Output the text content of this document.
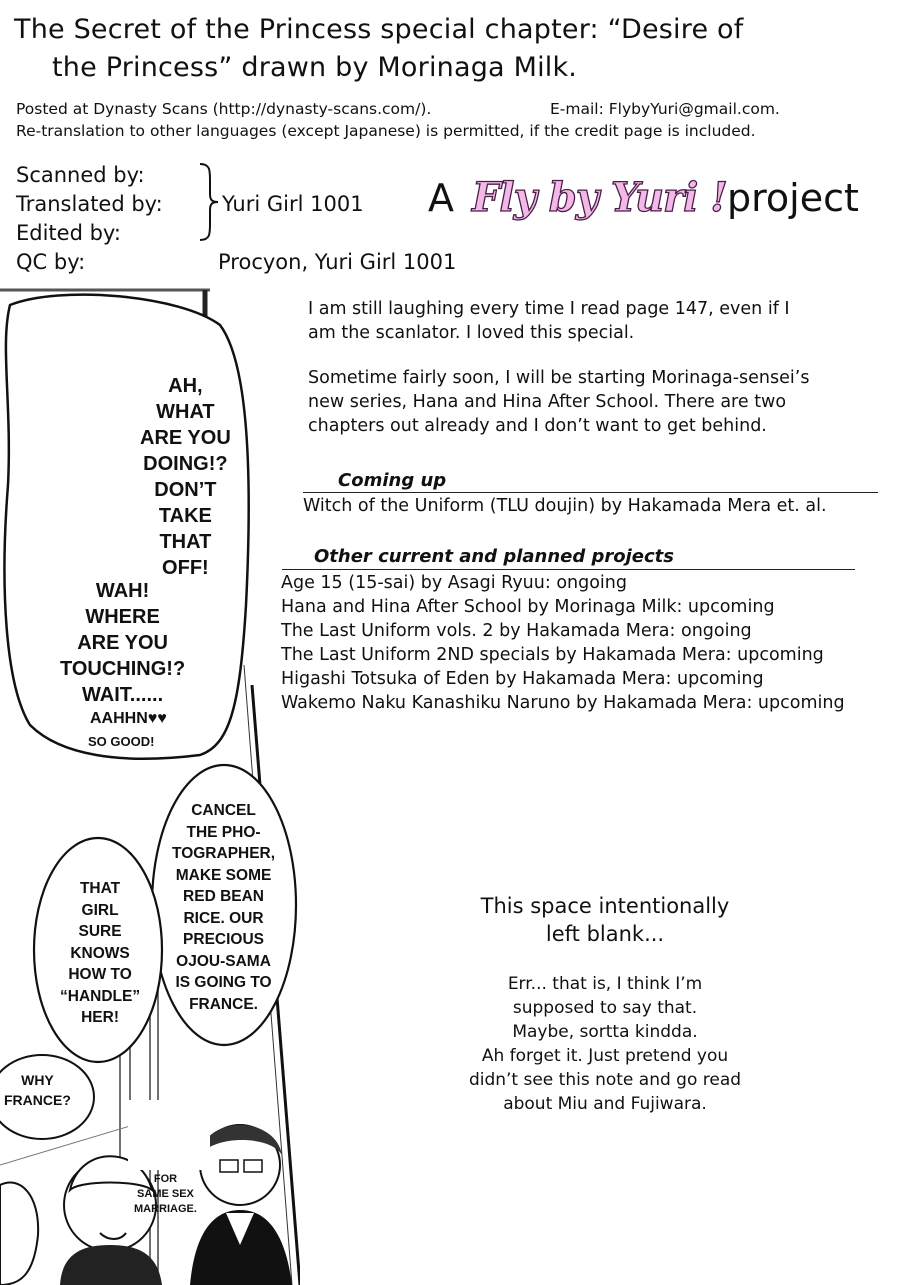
The Secret of the Princess special chapter: “Desire of
the Princess” drawn by Morinaga Milk.
Posted at Dynasty Scans (http://dynasty-scans.com/).	E-mail: FlybyYuri@gmail.com.
Re-translation to other languages (except Japanese) is permitted, if the credit page is included.
Scanned by:
Translated by:
Edited by:
QC by:
Yuri Girl 1001
Procyon, Yuri Girl 1001
A Fly by Yuri ! project
AH,
WHAT
ARE YOU
DOING!?
DON’T
TAKE
THAT
OFF!
WAH!
WHERE
ARE YOU
TOUCHING!?
WAIT......
AAHHN♥♥
SO GOOD!
CANCEL
THE PHO-
TOGRAPHER,
MAKE SOME
RED BEAN
RICE. OUR
PRECIOUS
OJOU-SAMA
IS GOING TO
FRANCE.
THAT
GIRL
SURE
KNOWS
HOW TO
“HANDLE”
HER!
WHY
FRANCE?
FOR
SAME SEX
MARRIAGE.
I am still laughing every time I read page 147, even if I
am the scanlator. I loved this special.
Sometime fairly soon, I will be starting Morinaga-sensei’s
new series, Hana and Hina After School. There are two
chapters out already and I don’t want to get behind.
Coming up
Witch of the Uniform (TLU doujin) by Hakamada Mera et. al.
Other current and planned projects
Age 15 (15-sai) by Asagi Ryuu: ongoing
Hana and Hina After School by Morinaga Milk: upcoming
The Last Uniform vols. 2 by Hakamada Mera: ongoing
The Last Uniform 2ND specials by Hakamada Mera: upcoming
Higashi Totsuka of Eden by Hakamada Mera: upcoming
Wakemo Naku Kanashiku Naruno by Hakamada Mera: upcoming
This space intentionally
left blank...
Err... that is, I think I’m
supposed to say that.
Maybe, sortta kindda.
Ah forget it. Just pretend you
didn’t see this note and go read
about Miu and Fujiwara.
